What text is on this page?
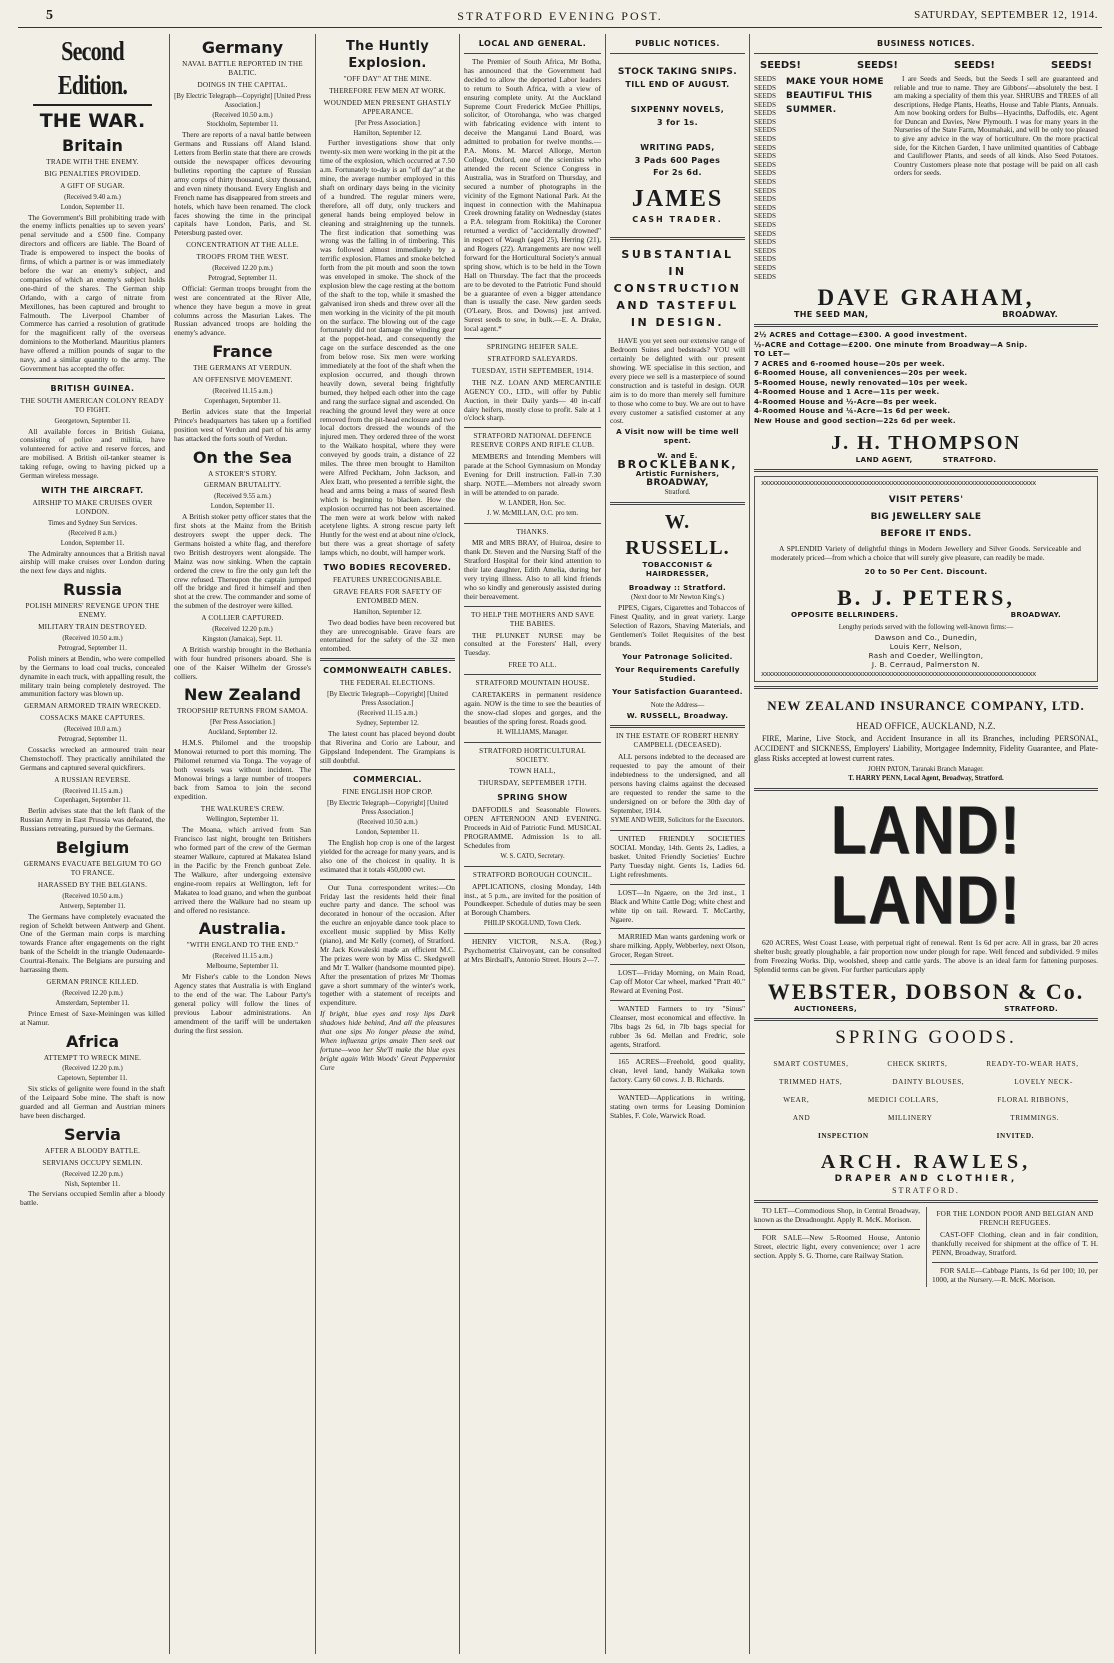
5	STRATFORD EVENING POST.	SATURDAY, SEPTEMBER 12, 1914.
Second Edition.
THE WAR.
Britain
TRADE WITH THE ENEMY.
BIG PENALTIES PROVIDED.
A GIFT OF SUGAR.
(Received 9.40 a.m.)
London, September 11.

The Government's Bill prohibiting trade with the enemy inflicts penalties up to seven years' penal servitude and a £500 fine. Company directors and officers are liable. The Board of Trade is empowered to inspect the books of firms, of which a partner is or was immediately before the war an enemy's subject, and companies of which an enemy's subject holds one-third of the shares. The German ship Orlando, with a cargo of nitrate from Mexillones, has been captured and brought to Falmouth. The Liverpool Chamber of Commerce has carried a resolution of gratitude for the magnificent rally of the overseas dominions to the Motherland. Mauritius planters have offered a million pounds of sugar to the navy, and a similar quantity to the army. The Government has accepted the offer.

BRITISH GUINEA.
THE SOUTH AMERICAN COLONY READY TO FIGHT.
Georgetown, September 11.

All available forces in British Guiana, consisting of police and militia, have volunteered for active and reserve forces, and are mobilised. A British oil-tanker steamer is taking refuge, owing to having picked up a German wireless message.

WITH THE AIRCRAFT.
AIRSHIP TO MAKE CRUISES OVER LONDON.
Times and Sydney Sun Services.
(Received 8 a.m.)
London, September 11.

The Admiralty announces that a British naval airship will make cruises over London during the next few days and nights.

Russia
POLISH MINERS' REVENGE UPON THE ENEMY.
MILITARY TRAIN DESTROYED.
(Received 10.50 a.m.)
Petrograd, September 11.

Polish miners at Bendin, who were compelled by the Germans to load coal trucks, concealed dynamite in each truck, with appalling result, the military train being completely destroyed. The ammunition factory was blown up.

GERMAN ARMORED TRAIN WRECKED.
COSSACKS MAKE CAPTURES.
(Received 10.0 a.m.)
Petrograd, September 11.

Cossacks wrecked an armoured train near Chemstochoff. They practically annihilated the Germans and captured several quickfirers.

A RUSSIAN REVERSE.
(Received 11.15 a.m.)
Copenhagen, September 11.

Berlin advises state that the left flank of the Russian Army in East Prussia was defeated, the Russians retreating, pursued by the Germans.

Belgium
GERMANS EVACUATE BELGIUM TO GO TO FRANCE.
HARASSED BY THE BELGIANS.
(Received 10.50 a.m.)
Antwerp, September 11.

The Germans have completely evacuated the region of Scheldt between Antwerp and Ghent. One of the German main corps is marching towards France after engagements on the right bank of the Scheldt in the triangle Oudenaarde-Courtrai-Renaix. The Belgians are pursuing and harrassing them.

GERMAN PRINCE KILLED.
(Received 12.20 p.m.)
Amsterdam, September 11.

Prince Ernest of Saxe-Meiningen was killed at Namur.

Africa
ATTEMPT TO WRECK MINE.
(Received 12.20 p.m.)
Capetown, September 11.

Six sticks of gelignite were found in the shaft of the Leipaard Sobe mine. The shaft is now guarded and all German and Austrian miners have been discharged.

Servia
AFTER A BLOODY BATTLE.
SERVIANS OCCUPY SEMLIN.
(Received 12.20 p.m.)
Nish, September 11.

The Servians occupied Semlin after a bloody battle.

Germany
NAVAL BATTLE REPORTED IN THE BALTIC.
DOINGS IN THE CAPITAL.
[By Electric Telegraph—Copyright] [United Press Association.]
(Received 10.50 a.m.)
Stockholm, September 11.

There are reports of a naval battle between Germans and Russians off Aland Island. Letters from Berlin state that there are crowds outside the newspaper offices devouring bulletins reporting the capture of Russian army corps of thirty thousand, sixty thousand, and even ninety thousand. Every English and French name has disappeared from streets and hotels, which have been renamed. The clock faces showing the time in the principal capitals have London, Paris, and St. Petersburg pasted over.

CONCENTRATION AT THE ALLE.
TROOPS FROM THE WEST.
(Received 12.20 p.m.)
Petrograd, September 11.

Official: German troops brought from the west are concentrated at the River Alle, whence they have begun a move in great columns across the Masurian Lakes. The Russian advanced troops are holding the enemy's advance.

France
THE GERMANS AT VERDUN.
AN OFFENSIVE MOVEMENT.
(Received 11.15 a.m.)
Copenhagen, September 11.

Berlin advices state that the Imperial Prince's headquarters has taken up a fortified position west of Verdun and part of his army has attacked the forts south of Verdun.

On the Sea
A STOKER'S STORY.
GERMAN BRUTALITY.
(Received 9.55 a.m.)
London, September 11.

A British stoker petty officer states that the first shots at the Mainz from the British destroyers swept the upper deck. The Germans hoisted a white flag, and therefore two British destroyers went alongside. The Mainz was now sinking. When the captain ordered the crew to fire the only gun left the crew refused. Thereupon the captain jumped off the bridge and fired it himself and then shot at the crew. The commander and some of the submen of the destroyer were killed.

A COLLIER CAPTURED.
(Received 12.20 p.m.)
Kingston (Jamaica), Sept. 11.

A British warship brought in the Bethania with four hundred prisoners aboard. She is one of the Kaiser Wilhelm der Grosse's colliers.

New Zealand
TROOPSHIP RETURNS FROM SAMOA.
[Per Press Association.]
Auckland, September 12.

H.M.S. Philomel and the troopship Monowai returned to port this morning. The Philomel returned via Tonga. The voyage of both vessels was without incident. The Monowai brings a large number of troopers back from Samoa to join the second expedition.

THE WALKURE'S CREW.
Wellington, September 11.

The Moana, which arrived from San Francisco last night, brought ten Britishers who formed part of the crew of the German steamer Walkure, captured at Makatea Island in the Pacific by the French gunboat Zele. The Walkure, after undergoing extensive engine-room repairs at Wellington, left for Makatea to load guano, and when the gunboat arrived there the Walkure had no steam up and offered no resistance.

Australia.
"WITH ENGLAND TO THE END."
(Received 11.15 a.m.)
Melbourne, September 11.

Mr Fisher's cable to the London News Agency states that Australia is with England to the end of the war. The Labour Party's general policy will follow the lines of previous Labour administrations. An amendment of the tariff will be undertaken during the first session.

The Huntly Explosion.
"OFF DAY" AT THE MINE.
THEREFORE FEW MEN AT WORK.
WOUNDED MEN PRESENT GHASTLY APPEARANCE.
[Per Press Association.]
Hamilton, September 12.

Further investigations show that only twenty-six men were working in the pit at the time of the explosion, which occurred at 7.50 a.m. Fortunately to-day is an "off day" at the mine, the average number employed in this shaft on ordinary days being in the vicinity of a hundred. The regular miners were, therefore, all off duty, only truckers and general hands being employed below in cleaning and straightening up the tunnels. The first indication that something was wrong was the falling in of timbering. This was followed almost immediately by a terrific explosion. Flames and smoke belched forth from the pit mouth and soon the town was enveloped in smoke. The shock of the explosion blew the cage resting at the bottom of the shaft to the top, while it smashed the galvanised iron sheds and threw over all the men working in the vicinity of the pit mouth on the surface. The blowing out of the cage fortunately did not damage the winding gear at the poppet-head, and consequently the cage on the surface descended as the one from below rose. Six men were working immediately at the foot of the shaft when the explosion occurred, and though thrown heavily down, several being frightfully burned, they helped each other into the cage and rang the surface signal and ascended. On reaching the ground level they were at once removed from the pit-head enclosure and two local doctors dressed the wounds of the injured men. They ordered three of the worst to the Waikato hospital, where they were conveyed by goods train, a distance of 22 miles. The three men brought to Hamilton were Alfred Peckham, John Jackson, and Alex Izatt, who presented a terrible sight, the head and arms being a mass of seared flesh which is beginning to blacken. How the explosion occurred has not been ascertained. The men were at work below with naked acetylene lights. A strong rescue party left Huntly for the west end at about nine o'clock, but there was a great shortage of safety lamps which, no doubt, will hamper work.

TWO BODIES RECOVERED.
FEATURES UNRECOGNISABLE.
GRAVE FEARS FOR SAFETY OF ENTOMBED MEN.
Hamilton, September 12.

Two dead bodies have been recovered but they are unrecognisable. Grave fears are entertained for the safety of the 32 men entombed.

COMMONWEALTH CABLES.
THE FEDERAL ELECTIONS.
[By Electric Telegraph—Copyright] [United Press Association.]
(Received 11.15 a.m.)
Sydney, September 12.

The latest count has placed beyond doubt that Riverina and Corio are Labour, and Gippsland Independent. The Grampians is still doubtful.

COMMERCIAL.
FINE ENGLISH HOP CROP.
[By Electric Telegraph—Copyright] [United Press Association.]
(Received 10.50 a.m.)
London, September 11.

The English hop crop is one of the largest yielded for the acreage for many years, and is also one of the choicest in quality. It is estimated that it totals 450,000 cwt.

Our Tuna correspondent writes:—On Friday last the residents held their final euchre party and dance. The school was decorated in honour of the occasion. After the euchre an enjoyable dance took place to excellent music supplied by Miss Kelly (piano), and Mr Kelly (cornet), of Stratford. Mr Jack Kowaleski made an efficient M.C. The prizes were won by Miss C. Skedgwell and Mr T. Walker (handsome mounted pipe). After the presentation of prizes Mr Thomas gave a short summary of the winter's work, together with a statement of receipts and expenditure.

If bright, blue eyes and rosy lips Dark shadows hide behind, And all the pleasures that one sips No longer please the mind, When influenza grips amain Then seek out fortune—woo her She'll make the blue eyes bright again With Woods' Great Peppermint Cure

LOCAL AND GENERAL.

The Premier of South Africa, Mr Botha, has announced that the Government had decided to allow the deported Labor leaders to return to South Africa, with a view of ensuring complete unity. At the Auckland Supreme Court Frederick McGee Phillips, solicitor, of Otorohanga, who was charged with fabricating evidence with intent to deceive the Manganui Land Board, was admitted to probation for twelve months.—P.A. Mons. M. Marcel Allorge, Merton College, Oxford, one of the scientists who attended the recent Science Congress in Australia, was in Stratford on Thursday, and secured a number of photographs in the vicinity of the Egmont National Park. At the inquest in connection with the Mahinapua Creek drowning fatality on Wednesday (states a P.A. telegram from Rokitika) the Coroner returned a verdict of "accidentally drowned" in respect of Waugh (aged 25), Herring (21), and Rogers (22). Arrangements are now well forward for the Horticultural Society's annual spring show, which is to be held in the Town Hall on Thursday. The fact that the proceeds are to be devoted to the Patriotic Fund should be a guarantee of even a bigger attendance than is usually the case. New garden seeds (O'Leary, Bros. and Downs) just arrived. Surest seeds to sow, in bulk.—E. A. Drake, local agent.*

SPRINGING HEIFER SALE.
STRATFORD SALEYARDS.
TUESDAY, 15TH SEPTEMBER, 1914.

THE N.Z. LOAN AND MERCANTILE AGENCY CO., LTD., will offer by Public Auction, in their Daily yards— 40 in-calf dairy heifers, mostly close to profit. Sale at 1 o'clock sharp.

STRATFORD NATIONAL DEFENCE RESERVE CORPS AND RIFLE CLUB.

MEMBERS and Intending Members will parade at the School Gymnasium on Monday Evening for Drill instruction. Fall-in 7.30 sharp. NOTE.—Members not already sworn in will be attended to on parade.

W. LANDER, Hon. Sec.
J. W. McMILLAN, O.C. pro tem.
THANKS.

MR and MRS BRAY, of Huiroa, desire to thank Dr. Steven and the Nursing Staff of the Stratford Hospital for their kind attention to their late daughter, Edith Amelia, during her very trying illness. Also to all kind friends who so kindly and generously assisted during their bereavement.

TO HELP THE MOTHERS AND SAVE THE BABIES.

THE PLUNKET NURSE may be consulted at the Foresters' Hall, every Tuesday.

FREE TO ALL.
STRATFORD MOUNTAIN HOUSE.

CARETAKERS in permanent residence again. NOW is the time to see the beauties of the snow-clad slopes and gorges, and the beauties of the spring forest. Roads good.

H. WILLIAMS, Manager.
STRATFORD HORTICULTURAL SOCIETY.
TOWN HALL,
THURSDAY, SEPTEMBER 17TH.
SPRING SHOW

DAFFODILS and Seasonable Flowers. OPEN AFTERNOON AND EVENING. Proceeds in Aid of Patriotic Fund. MUSICAL PROGRAMME. Admission 1s to all. Schedules from

W. S. CATO, Secretary.
STRATFORD BOROUGH COUNCIL.

APPLICATIONS, closing Monday, 14th inst., at 5 p.m., are invited for the position of Poundkeeper. Schedule of duties may be seen at Borough Chambers.

PHILIP SKOGLUND, Town Clerk.

HENRY VICTOR, N.S.A. (Reg.) Psychometrist Clairvoyant, can be consulted at Mrs Birdsall's, Antonio Street. Hours 2—7.

PUBLIC NOTICES.
STOCK TAKING SNIPS.
TILL END OF AUGUST.
SIXPENNY NOVELS,
3 for 1s.
WRITING PADS,
3 Pads 600 Pages
For 2s 6d.
JAMES
CASH TRADER.
SUBSTANTIAL
IN CONSTRUCTION
AND TASTEFUL
IN DESIGN.

HAVE you yet seen our extensive range of Bedroom Suites and bedsteads? YOU will certainly be delighted with our present showing. WE specialise in this section, and every piece we sell is a masterpiece of sound construction and is tasteful in design. OUR aim is to do more than merely sell furniture to those who come to buy. We are out to have every customer a satisfied customer at any cost.

A Visit now will be time well spent.
W. and E.
BROCKLEBANK,
Artistic Furnishers,
BROADWAY,
Stratford.
W. RUSSELL.
TOBACCONIST & HAIRDRESSER,
Broadway :: Stratford.
(Next door to Mr Newton King's.)

PIPES, Cigars, Cigarettes and Tobaccos of Finest Quality, and in great variety. Large Selection of Razors, Shaving Materials, and Gentlemen's Toilet Requisites of the best brands.

Your Patronage Solicited.
Your Requirements Carefully Studied.
Your Satisfaction Guaranteed.
Note the Address—
W. RUSSELL, Broadway.
IN THE ESTATE OF ROBERT HENRY CAMPBELL (DECEASED).

ALL persons indebted to the deceased are requested to pay the amount of their indebtedness to the undersigned, and all persons having claims against the deceased are requested to render the same to the undersigned on or before the 30th day of September, 1914.

SYME AND WEIR, Solicitors for the Executors.

UNITED FRIENDLY SOCIETIES SOCIAL Monday, 14th. Gents 2s, Ladies, a basket. United Friendly Societies' Euchre Party Tuesday night. Gents 1s, Ladies 6d. Light refreshments.

LOST—In Ngaere, on the 3rd inst., 1 Black and White Cattle Dog; white chest and white tip on tail. Reward. T. McCarthy, Ngaere.

MARRIED Man wants gardening work or share milking. Apply, Webberley, next Olson, Grocer, Regan Street.

LOST—Friday Morning, on Main Road, Cap off Motor Car wheel, marked "Pratt 40." Reward at Evening Post.

WANTED Farmers to try "Sinus" Cleanser, most economical and effective. In 7lbs bags 2s 6d, in 7lb bags special for rubber 3s 6d. Mellan and Fredric, sole agents, Stratford.

165 ACRES—Freehold, good quality, clean, level land, handy Waikaka town factory. Carry 60 cows. J. B. Richards.

WANTED—Applications in writing, stating own terms for Leasing Dominion Stables, F. Cole, Warwick Road.

BUSINESS NOTICES.
SEEDS!	SEEDS!	SEEDS!	SEEDS!
SEEDS
SEEDS
SEEDS
SEEDS
SEEDS
SEEDS
SEEDS
SEEDS
SEEDS
SEEDS
SEEDS
SEEDS
SEEDS
SEEDS
SEEDS
SEEDS
SEEDS
SEEDS
SEEDS
SEEDS
SEEDS
SEEDS
SEEDS
SEEDS
MAKE YOUR HOME
BEAUTIFUL THIS
SUMMER.

I are Seeds and Seeds, but the Seeds I sell are guaranteed and reliable and true to name. They are Gibbons'—absolutely the best. I am making a speciality of them this year. SHRUBS and TREES of all descriptions, Hedge Plants, Heaths, House and Table Plants, Annuals. Am now booking orders for Bulbs—Hyacinths, Daffodils, etc. Agent for Duncan and Davies, New Plymouth. I was for many years in the Nurseries of the State Farm, Moumahaki, and will be only too pleased to give any advice in the way of horticulture. On the more practical side, for the Kitchen Garden, I have unlimited quantities of Cabbage and Cauliflower Plants, and seeds of all kinds. Also Seed Potatoes. Country Customers please note that postage will be paid on all cash orders for seeds.

DAVE GRAHAM,
THE SEED MAN,	BROADWAY.
2½ ACRES and Cottage—£300. A good investment.
½-ACRE and Cottage—£200. One minute from Broadway—A Snip.
TO LET—
7 ACRES and 6-roomed house—20s per week.
6-Roomed House, all conveniences—20s per week.
5-Roomed House, newly renovated—10s per week.
4-Roomed House and 1 Acre—11s per week.
4-Roomed House and ½-Acre—8s per week.
4-Roomed House and ¼-Acre—1s 6d per week.
New House and good section—22s 6d per week.
J. H. THOMPSON
LAND AGENT,	STRATFORD.
xxxxxxxxxxxxxxxxxxxxxxxxxxxxxxxxxxxxxxxxxxxxxxxxxxxxxxxxxxxxxxxxxxxxxxxxxxxx
VISIT PETERS'
BIG JEWELLERY SALE
BEFORE IT ENDS.

A SPLENDID Variety of delightful things in Modern Jewellery and Silver Goods. Serviceable and moderately priced—from which a choice that will surely give pleasure, can readily be made.

20 to 50 Per Cent. Discount.
B. J. PETERS,
OPPOSITE BELLRINDERS.	BROADWAY.
Lengthy periods served with the following well-known firms:—
Dawson and Co., Dunedin,
Louis Kerr, Nelson,
Rash and Coeder, Wellington,
J. B. Cerraud, Palmerston N.
xxxxxxxxxxxxxxxxxxxxxxxxxxxxxxxxxxxxxxxxxxxxxxxxxxxxxxxxxxxxxxxxxxxxxxxxxxxx
NEW ZEALAND INSURANCE COMPANY, LTD.
HEAD OFFICE, AUCKLAND, N.Z.

FIRE, Marine, Live Stock, and Accident Insurance in all its Branches, including PERSONAL, ACCIDENT and SICKNESS, Employers' Liability, Mortgagee Indemnity, Fidelity Guarantee, and Plate-glass Risks accepted at lowest current rates.

JOHN PATON, Taranaki Branch Manager.
T. HARRY PENN, Local Agent, Broadway, Stratford.
LAND! LAND!

620 ACRES, West Coast Lease, with perpetual right of renewal. Rent 1s 6d per acre. All in grass, bar 20 acres shelter bush; greatly ploughable, a fair proportion now under plough for rape. Well fenced and subdivided. 9 miles from Freezing Works. Dip, woolshed, sheep and cattle yards. The above is an ideal farm for fattening purposes. Splendid terms can be given. For further particulars apply

WEBSTER, DOBSON & Co.
AUCTIONEERS,	STRATFORD.
SPRING GOODS.
SMART COSTUMES,	CHECK SKIRTS,	READY-TO-WEAR HATS,
TRIMMED HATS,	DAINTY BLOUSES,	LOVELY NECK-
WEAR,	MEDICI COLLARS,	FLORAL RIBBONS,
AND	MILLINERY	TRIMMINGS.
INSPECTION	INVITED.
ARCH. RAWLES,
DRAPER AND CLOTHIER,
STRATFORD.

TO LET—Commodious Shop, in Central Broadway, known as the Dreadnought. Apply R. McK. Morison.

FOR SALE—New 5-Roomed House, Antonio Street, electric light, every convenience; over 1 acre section. Apply S. G. Thorne, care Railway Station.

FOR THE LONDON POOR AND BELGIAN AND FRENCH REFUGEES.

CAST-OFF Clothing, clean and in fair condition, thankfully received for shipment at the office of T. H. PENN, Broadway, Stratford.

FOR SALE—Cabbage Plants, 1s 6d per 100; 10, per 1000, at the Nursery.—R. McK. Morison.
